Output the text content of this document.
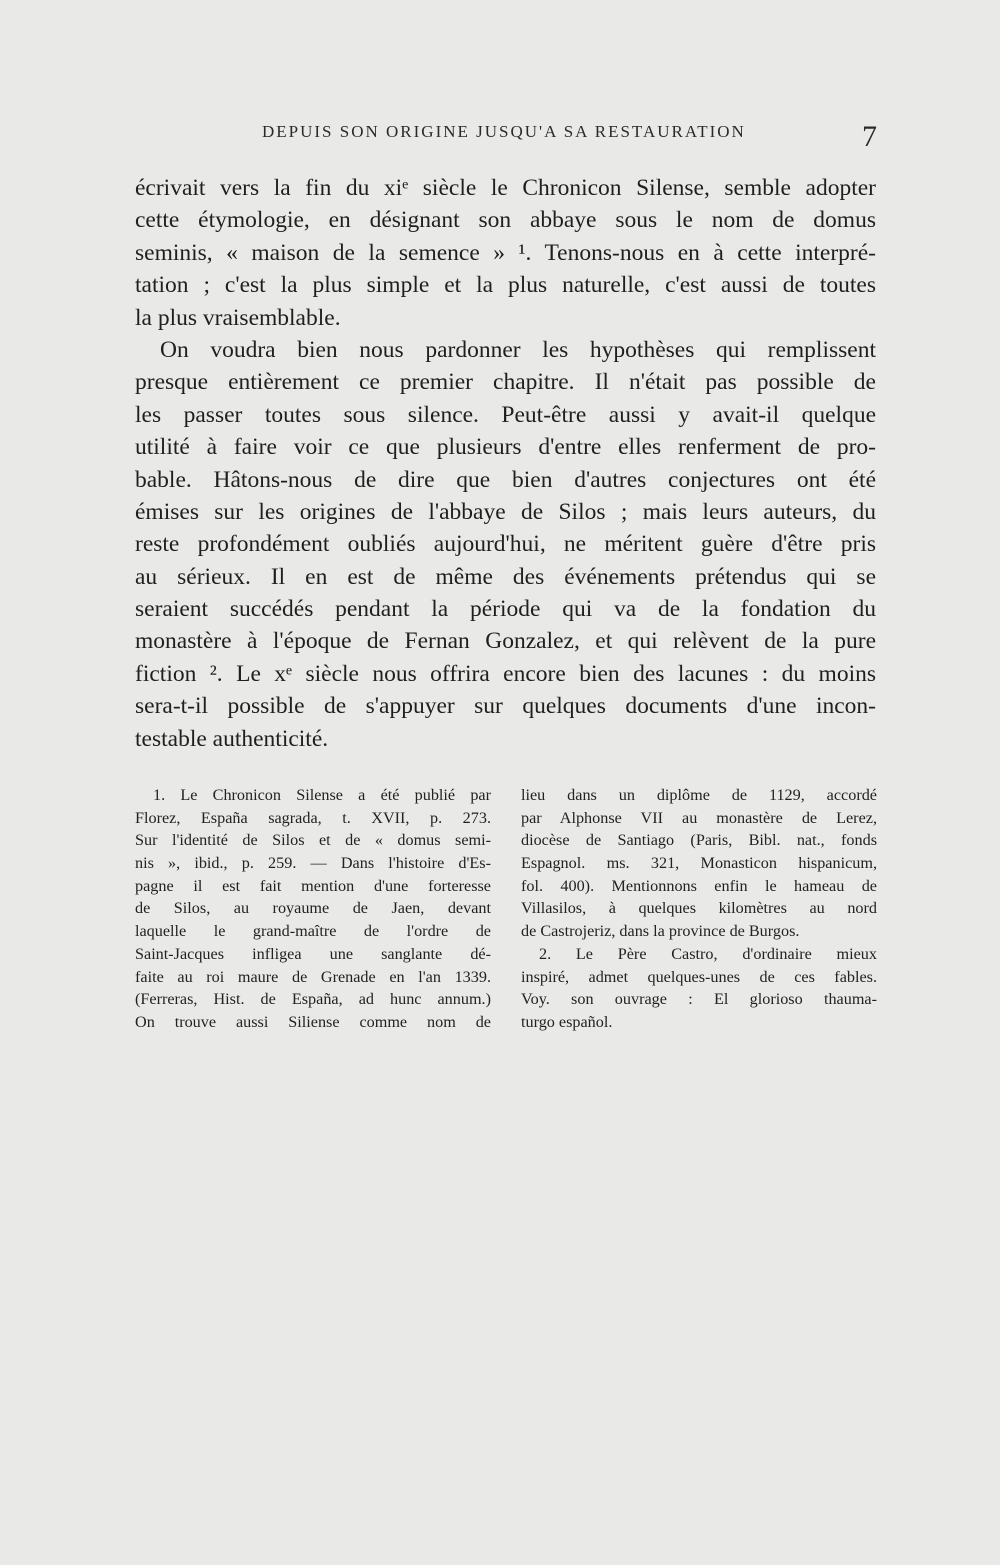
DEPUIS SON ORIGINE JUSQU'A SA RESTAURATION	7
écrivait vers la fin du xiᵉ siècle le Chronicon Silense, semble adopter
cette étymologie, en désignant son abbaye sous le nom de domus
seminis, « maison de la semence » ¹. Tenons-nous en à cette interpré-
tation ; c'est la plus simple et la plus naturelle, c'est aussi de toutes
la plus vraisemblable.
On voudra bien nous pardonner les hypothèses qui remplissent
presque entièrement ce premier chapitre. Il n'était pas possible de
les passer toutes sous silence. Peut-être aussi y avait-il quelque
utilité à faire voir ce que plusieurs d'entre elles renferment de pro-
bable. Hâtons-nous de dire que bien d'autres conjectures ont été
émises sur les origines de l'abbaye de Silos ; mais leurs auteurs, du
reste profondément oubliés aujourd'hui, ne méritent guère d'être pris
au sérieux. Il en est de même des événements prétendus qui se
seraient succédés pendant la période qui va de la fondation du
monastère à l'époque de Fernan Gonzalez, et qui relèvent de la pure
fiction ². Le xᵉ siècle nous offrira encore bien des lacunes : du moins
sera-t-il possible de s'appuyer sur quelques documents d'une incon-
testable authenticité.
1. Le Chronicon Silense a été publié par
Florez, España sagrada, t. XVII, p. 273.
Sur l'identité de Silos et de « domus semi-
nis », ibid., p. 259. — Dans l'histoire d'Es-
pagne il est fait mention d'une forteresse
de Silos, au royaume de Jaen, devant
laquelle le grand-maître de l'ordre de
Saint-Jacques infligea une sanglante dé-
faite au roi maure de Grenade en l'an 1339.
(Ferreras, Hist. de España, ad hunc annum.)
On trouve aussi Siliense comme nom de
lieu dans un diplôme de 1129, accordé
par Alphonse VII au monastère de Lerez,
diocèse de Santiago (Paris, Bibl. nat., fonds
Espagnol. ms. 321, Monasticon hispanicum,
fol. 400). Mentionnons enfin le hameau de
Villasilos, à quelques kilomètres au nord
de Castrojeriz, dans la province de Burgos.
2. Le Père Castro, d'ordinaire mieux
inspiré, admet quelques-unes de ces fables.
Voy. son ouvrage : El glorioso thauma-
turgo español.
